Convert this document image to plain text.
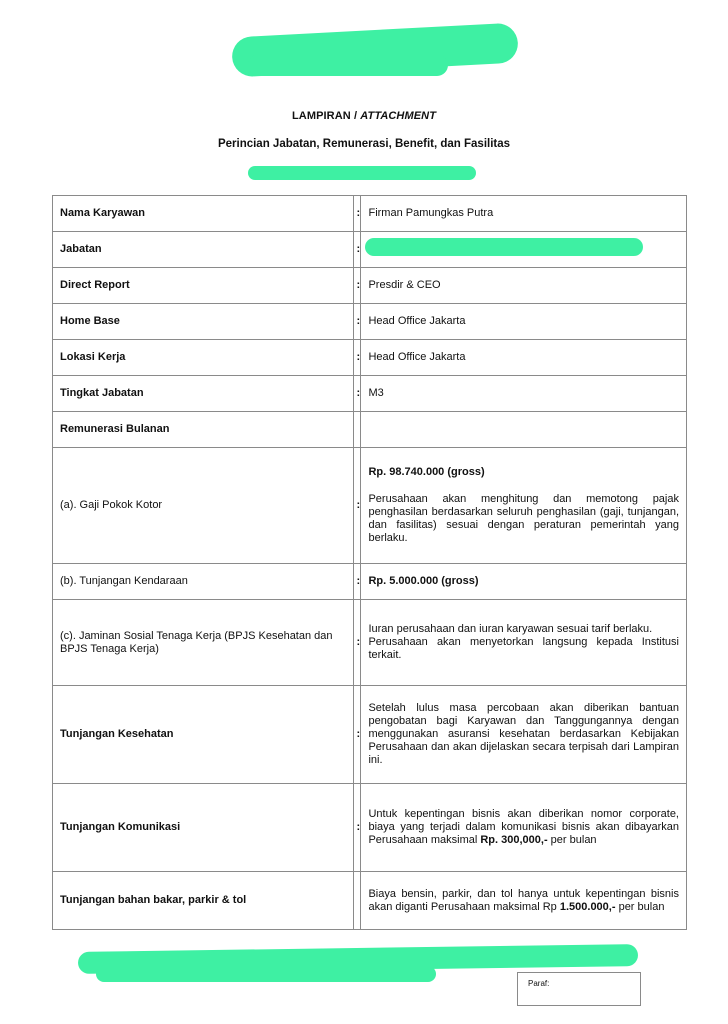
LAMPIRAN / ATTACHMENT
Perincian Jabatan, Remunerasi, Benefit, dan Fasilitas
Nama Karyawan	:	Firman Pamungkas Putra
Jabatan	:	

Direct Report	:	Presdir & CEO
Home Base	:	Head Office Jakarta
Lokasi Kerja	:	Head Office Jakarta
Tingkat Jabatan	:	M3
Remunerasi Bulanan		
(a). Gaji Pokok Kotor	:	Rp. 98.740.000 (gross)

Perusahaan akan menghitung dan memotong pajak penghasilan berdasarkan seluruh penghasilan (gaji, tunjangan, dan fasilitas) sesuai dengan peraturan pemerintah yang berlaku.

(b). Tunjangan Kendaraan	:	Rp. 5.000.000 (gross)
(c). Jaminan Sosial Tenaga Kerja (BPJS Kesehatan dan BPJS Tenaga Kerja)	:	Iuran perusahaan dan iuran karyawan sesuai tarif berlaku.

Perusahaan akan menyetorkan langsung kepada Institusi terkait.

Tunjangan Kesehatan	:	Setelah lulus masa percobaan akan diberikan bantuan pengobatan bagi Karyawan dan Tanggungannya dengan menggunakan asuransi kesehatan berdasarkan Kebijakan Perusahaan dan akan dijelaskan secara terpisah dari Lampiran ini.
Tunjangan Komunikasi	:	Untuk kepentingan bisnis akan diberikan nomor corporate, biaya yang terjadi dalam komunikasi bisnis akan dibayarkan Perusahaan maksimal Rp. 300,000,- per bulan
Tunjangan bahan bakar, parkir & tol		Biaya bensin, parkir, dan tol hanya untuk kepentingan bisnis akan diganti Perusahaan maksimal Rp 1.500.000,- per bulan
Paraf:
